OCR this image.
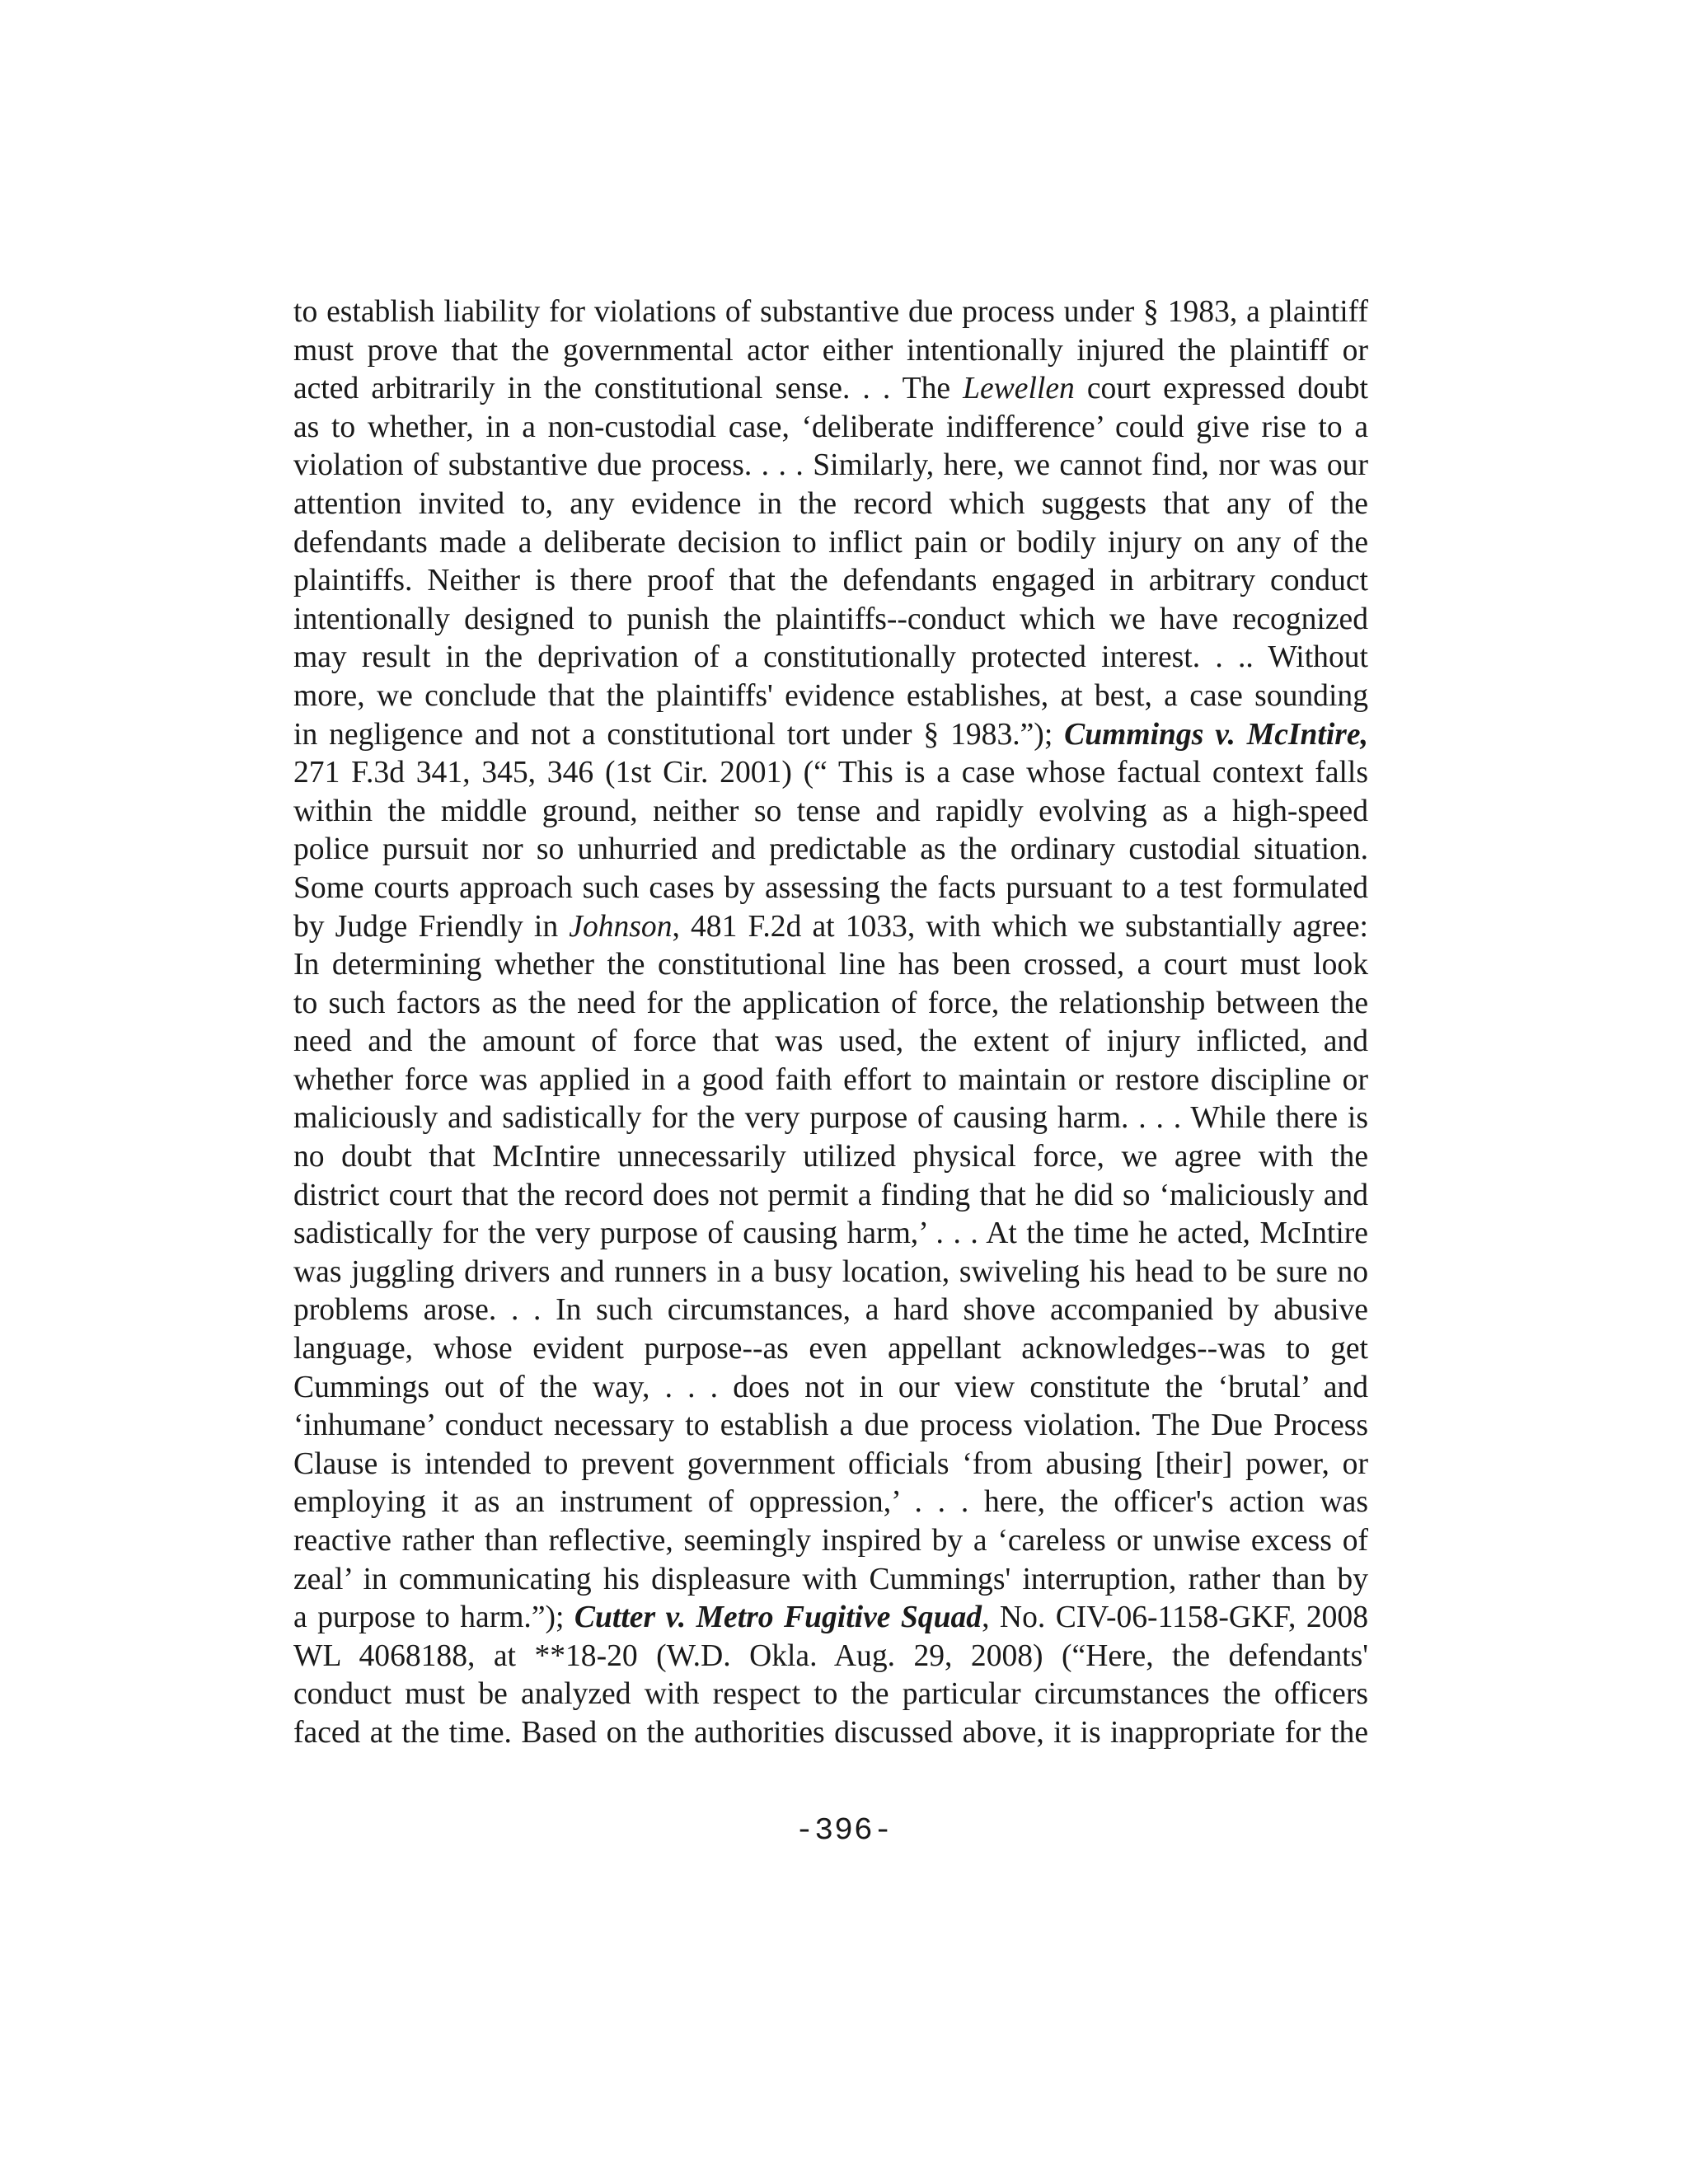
to establish liability for violations of substantive due process under § 1983, a plaintiff
must prove that the governmental actor either intentionally injured the plaintiff or
acted arbitrarily in the constitutional sense. . . The Lewellen court expressed doubt
as to whether, in a non-custodial case, ‘deliberate indifference’ could give rise to a
violation of substantive due process. . . . Similarly, here, we cannot find, nor was our
attention invited to, any evidence in the record which suggests that any of the
defendants made a deliberate decision to inflict pain or bodily injury on any of the
plaintiffs. Neither is there proof that the defendants engaged in arbitrary conduct
intentionally designed to punish the plaintiffs--conduct which we have recognized
may result in the deprivation of a constitutionally protected interest. . .. Without
more, we conclude that the plaintiffs' evidence establishes, at best, a case sounding
in negligence and not a constitutional tort under § 1983.”); Cummings v. McIntire,
271 F.3d 341, 345, 346 (1st Cir. 2001) (“ This is a case whose factual context falls
within the middle ground, neither so tense and rapidly evolving as a high-speed
police pursuit nor so unhurried and predictable as the ordinary custodial situation.
Some courts approach such cases by assessing the facts pursuant to a test formulated
by Judge Friendly in Johnson, 481 F.2d at 1033, with which we substantially agree:
In determining whether the constitutional line has been crossed, a court must look
to such factors as the need for the application of force, the relationship between the
need and the amount of force that was used, the extent of injury inflicted, and
whether force was applied in a good faith effort to maintain or restore discipline or
maliciously and sadistically for the very purpose of causing harm. . . . While there is
no doubt that McIntire unnecessarily utilized physical force, we agree with the
district court that the record does not permit a finding that he did so ‘maliciously and
sadistically for the very purpose of causing harm,’ . . . At the time he acted, McIntire
was juggling drivers and runners in a busy location, swiveling his head to be sure no
problems arose. . . In such circumstances, a hard shove accompanied by abusive
language, whose evident purpose--as even appellant acknowledges--was to get
Cummings out of the way, . . . does not in our view constitute the ‘brutal’ and
‘inhumane’ conduct necessary to establish a due process violation. The Due Process
Clause is intended to prevent government officials ‘from abusing [their] power, or
employing it as an instrument of oppression,’ . . . here, the officer's action was
reactive rather than reflective, seemingly inspired by a ‘careless or unwise excess of
zeal’ in communicating his displeasure with Cummings' interruption, rather than by
a purpose to harm.”); Cutter v. Metro Fugitive Squad, No. CIV-06-1158-GKF, 2008
WL 4068188, at **18-20 (W.D. Okla. Aug. 29, 2008) (“Here, the defendants'
conduct must be analyzed with respect to the particular circumstances the officers
faced at the time. Based on the authorities discussed above, it is inappropriate for the
-396-
